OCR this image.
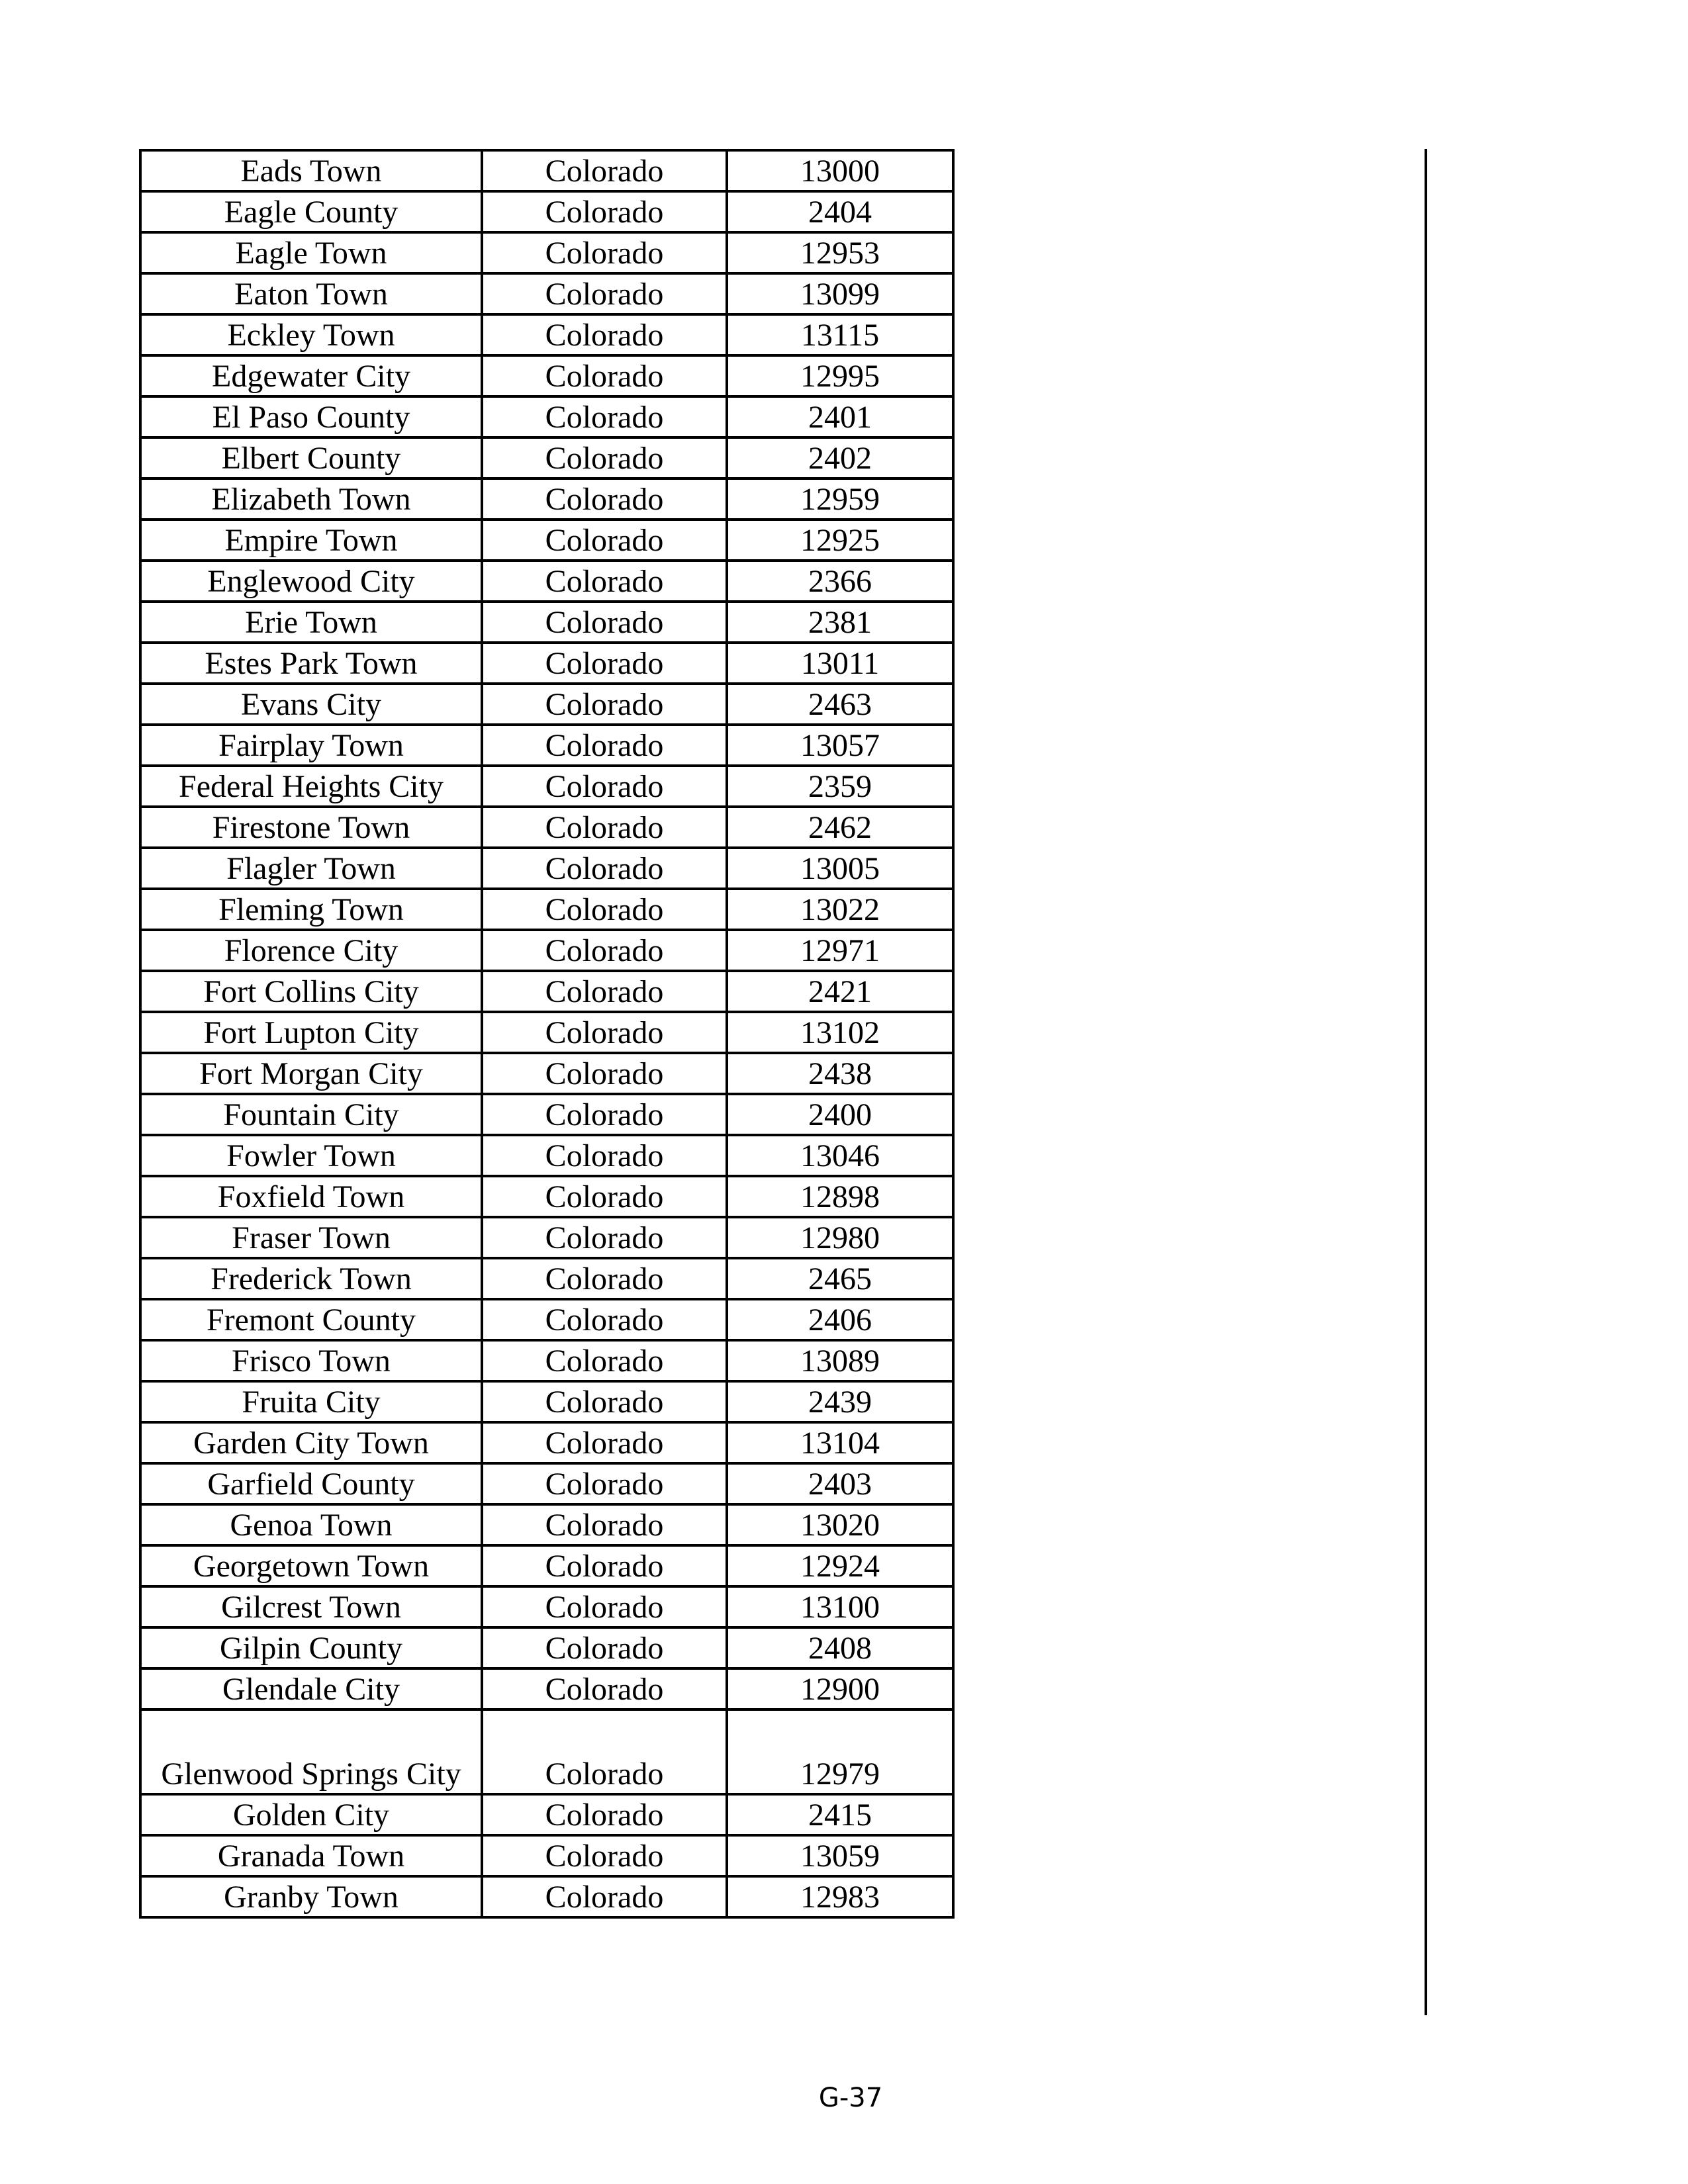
Eads Town	Colorado	13000
Eagle County	Colorado	2404
Eagle Town	Colorado	12953
Eaton Town	Colorado	13099
Eckley Town	Colorado	13115
Edgewater City	Colorado	12995
El Paso County	Colorado	2401
Elbert County	Colorado	2402
Elizabeth Town	Colorado	12959
Empire Town	Colorado	12925
Englewood City	Colorado	2366
Erie Town	Colorado	2381
Estes Park Town	Colorado	13011
Evans City	Colorado	2463
Fairplay Town	Colorado	13057
Federal Heights City	Colorado	2359
Firestone Town	Colorado	2462
Flagler Town	Colorado	13005
Fleming Town	Colorado	13022
Florence City	Colorado	12971
Fort Collins City	Colorado	2421
Fort Lupton City	Colorado	13102
Fort Morgan City	Colorado	2438
Fountain City	Colorado	2400
Fowler Town	Colorado	13046
Foxfield Town	Colorado	12898
Fraser Town	Colorado	12980
Frederick Town	Colorado	2465
Fremont County	Colorado	2406
Frisco Town	Colorado	13089
Fruita City	Colorado	2439
Garden City Town	Colorado	13104
Garfield County	Colorado	2403
Genoa Town	Colorado	13020
Georgetown Town	Colorado	12924
Gilcrest Town	Colorado	13100
Gilpin County	Colorado	2408
Glendale City	Colorado	12900
Glenwood Springs City	Colorado	12979
Golden City	Colorado	2415
Granada Town	Colorado	13059
Granby Town	Colorado	12983
G-37
